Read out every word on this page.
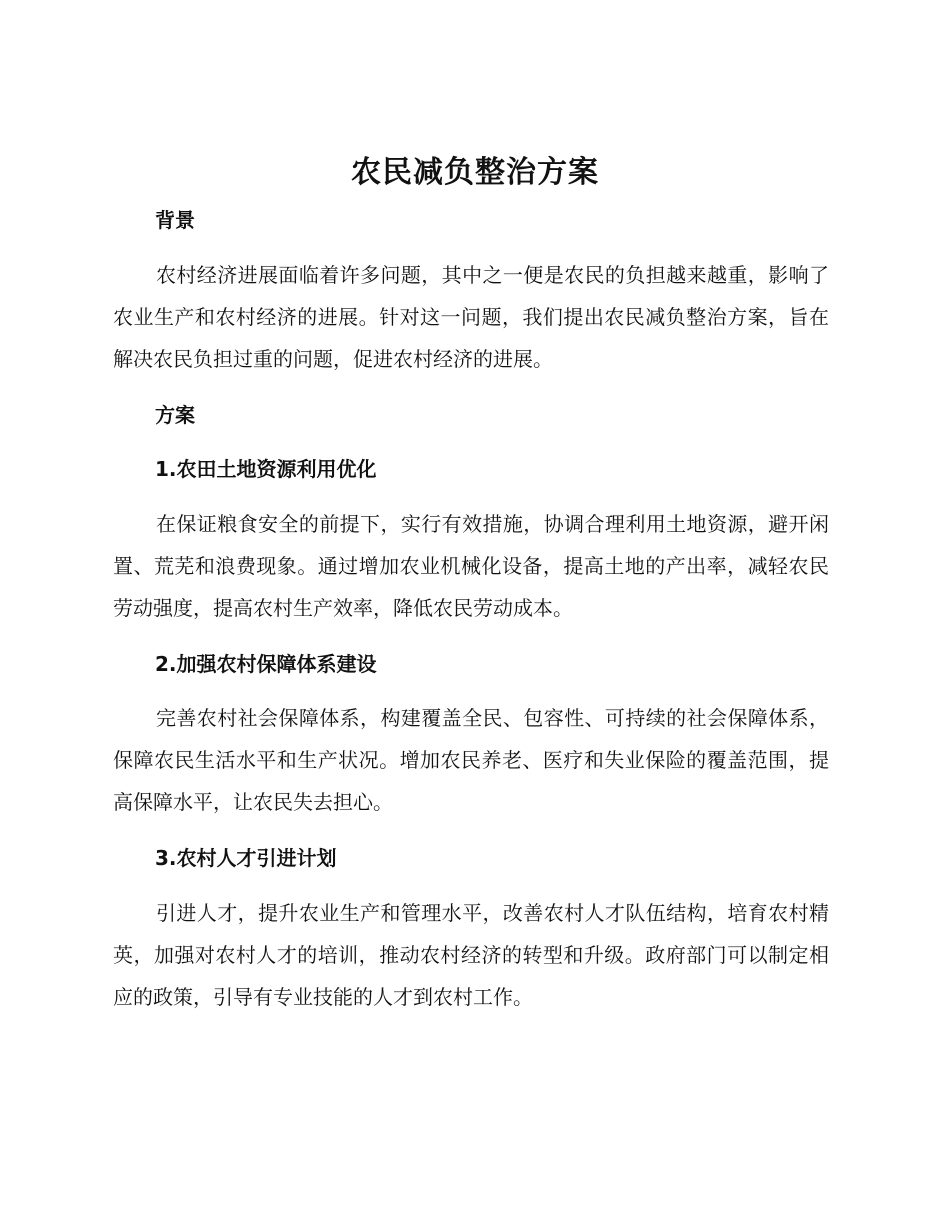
农民减负整治方案
背景
农村经济进展面临着许多问题，其中之一便是农民的负担越来越重，影响了农业生产和农村经济的进展。针对这一问题，我们提出农民减负整治方案，旨在解决农民负担过重的问题，促进农村经济的进展。
方案
1.农田土地资源利用优化
在保证粮食安全的前提下，实行有效措施，协调合理利用土地资源，避开闲置、荒芜和浪费现象。通过增加农业机械化设备，提高土地的产出率，减轻农民劳动强度，提高农村生产效率，降低农民劳动成本。
2.加强农村保障体系建设
完善农村社会保障体系，构建覆盖全民、包容性、可持续的社会保障体系，保障农民生活水平和生产状况。增加农民养老、医疗和失业保险的覆盖范围，提高保障水平，让农民失去担心。
3.农村人才引进计划
引进人才，提升农业生产和管理水平，改善农村人才队伍结构，培育农村精英，加强对农村人才的培训，推动农村经济的转型和升级。政府部门可以制定相应的政策，引导有专业技能的人才到农村工作。
